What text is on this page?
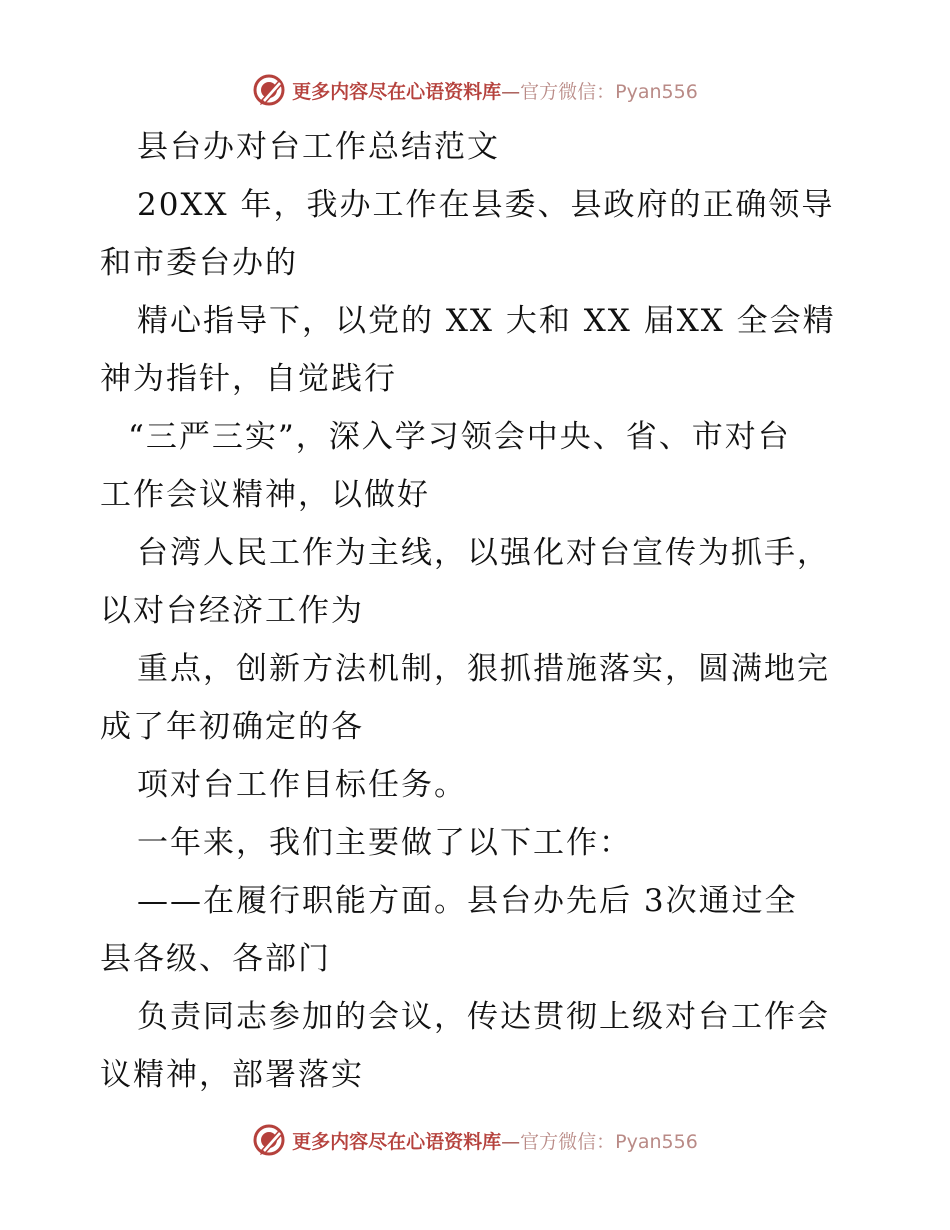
更多内容尽在心语资料库—官方微信：Pyan556
县台办对台工作总结范文
20XX 年，我办工作在县委、县政府的正确领导
和市委台办的
精心指导下，以党的 XX 大和 XX 届XX 全会精
神为指针，自觉践行
“三严三实”，深入学习领会中央、省、市对台
工作会议精神，以做好
台湾人民工作为主线，以强化对台宣传为抓手，
以对台经济工作为
重点，创新方法机制，狠抓措施落实，圆满地完
成了年初确定的各
项对台工作目标任务。
一年来，我们主要做了以下工作：
——在履行职能方面。县台办先后 3次通过全
县各级、各部门
负责同志参加的会议，传达贯彻上级对台工作会
议精神，部署落实
更多内容尽在心语资料库—官方微信：Pyan556
